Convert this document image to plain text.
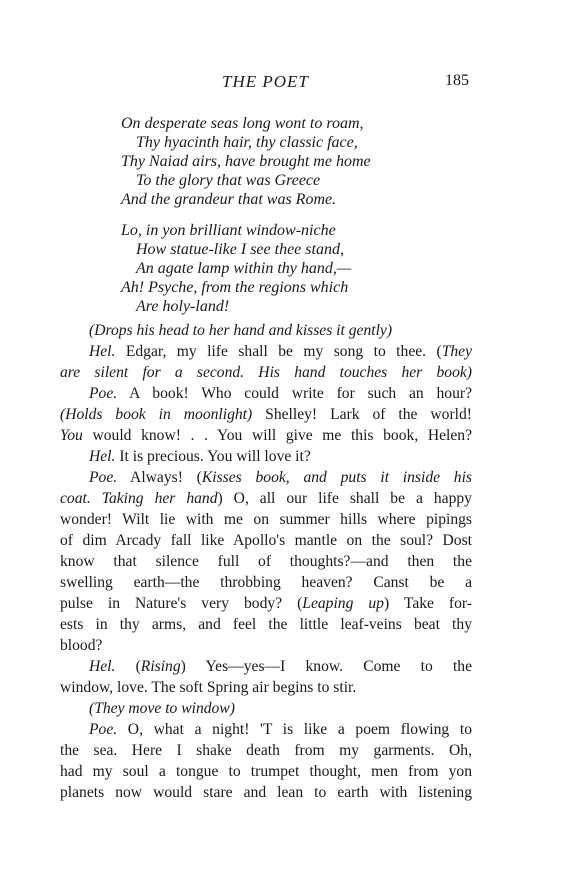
THE POET	185
On desperate seas long wont to roam,
Thy hyacinth hair, thy classic face,
Thy Naiad airs, have brought me home
To the glory that was Greece
And the grandeur that was Rome.
Lo, in yon brilliant window-niche
How statue-like I see thee stand,
An agate lamp within thy hand,—
Ah! Psyche, from the regions which
Are holy-land!
(Drops his head to her hand and kisses it gently)
Hel. Edgar, my life shall be my song to thee. (They
are silent for a second. His hand touches her book)
Poe. A book! Who could write for such an hour?
(Holds book in moonlight) Shelley! Lark of the world!
You would know! . . You will give me this book, Helen?
Hel. It is precious. You will love it?
Poe. Always! (Kisses book, and puts it inside his
coat. Taking her hand) O, all our life shall be a happy
wonder! Wilt lie with me on summer hills where pipings
of dim Arcady fall like Apollo's mantle on the soul? Dost
know that silence full of thoughts?—and then the
swelling earth—the throbbing heaven? Canst be a
pulse in Nature's very body? (Leaping up) Take for-
ests in thy arms, and feel the little leaf-veins beat thy
blood?
Hel. (Rising) Yes—yes—I know. Come to the
window, love. The soft Spring air begins to stir.
(They move to window)
Poe. O, what a night! 'T is like a poem flowing to
the sea. Here I shake death from my garments. Oh,
had my soul a tongue to trumpet thought, men from yon
planets now would stare and lean to earth with listening
